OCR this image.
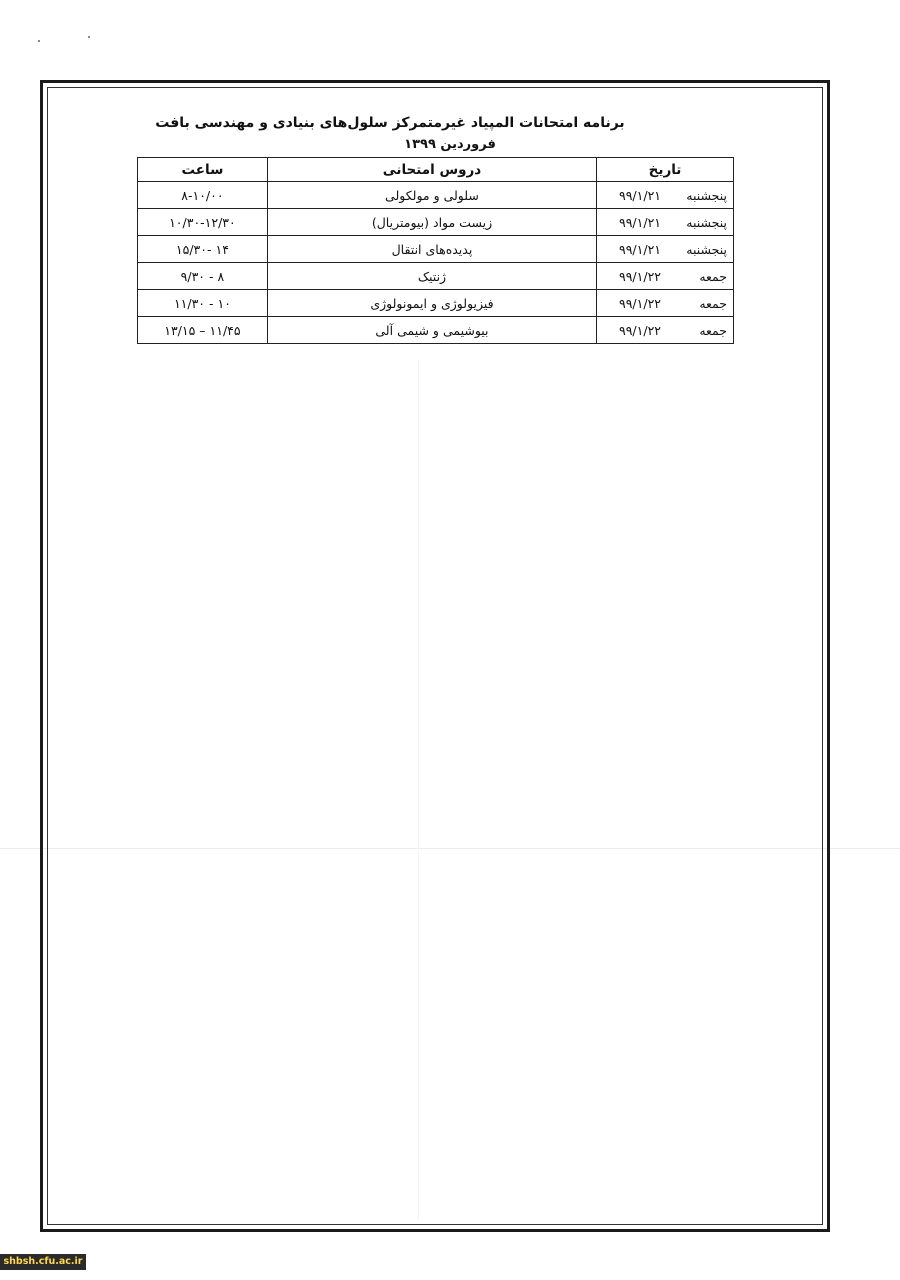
برنامه امتحانات المپیاد غیرمتمرکز سلول‌های بنیادی و مهندسی بافت
فروردین ۱۳۹۹
تاریخ	دروس امتحانی	ساعت
پنجشنبه۹۹/۱/۲۱	سلولی و مولکولی	۸-۱۰/۰۰
پنجشنبه۹۹/۱/۲۱	زیست مواد (بیومتریال)	۱۰/۳۰-۱۲/۳۰
پنجشنبه۹۹/۱/۲۱	پدیده‌های انتقال	۱۴ -۱۵/۳۰
جمعه۹۹/۱/۲۲	ژنتیک	۸ - ۹/۳۰
جمعه۹۹/۱/۲۲	فیزیولوژی و ایمونولوژی	۱۰ - ۱۱/۳۰
جمعه۹۹/۱/۲۲	بیوشیمی و شیمی آلی	۱۱/۴۵ – ۱۳/۱۵
shbsh.cfu.ac.ir
